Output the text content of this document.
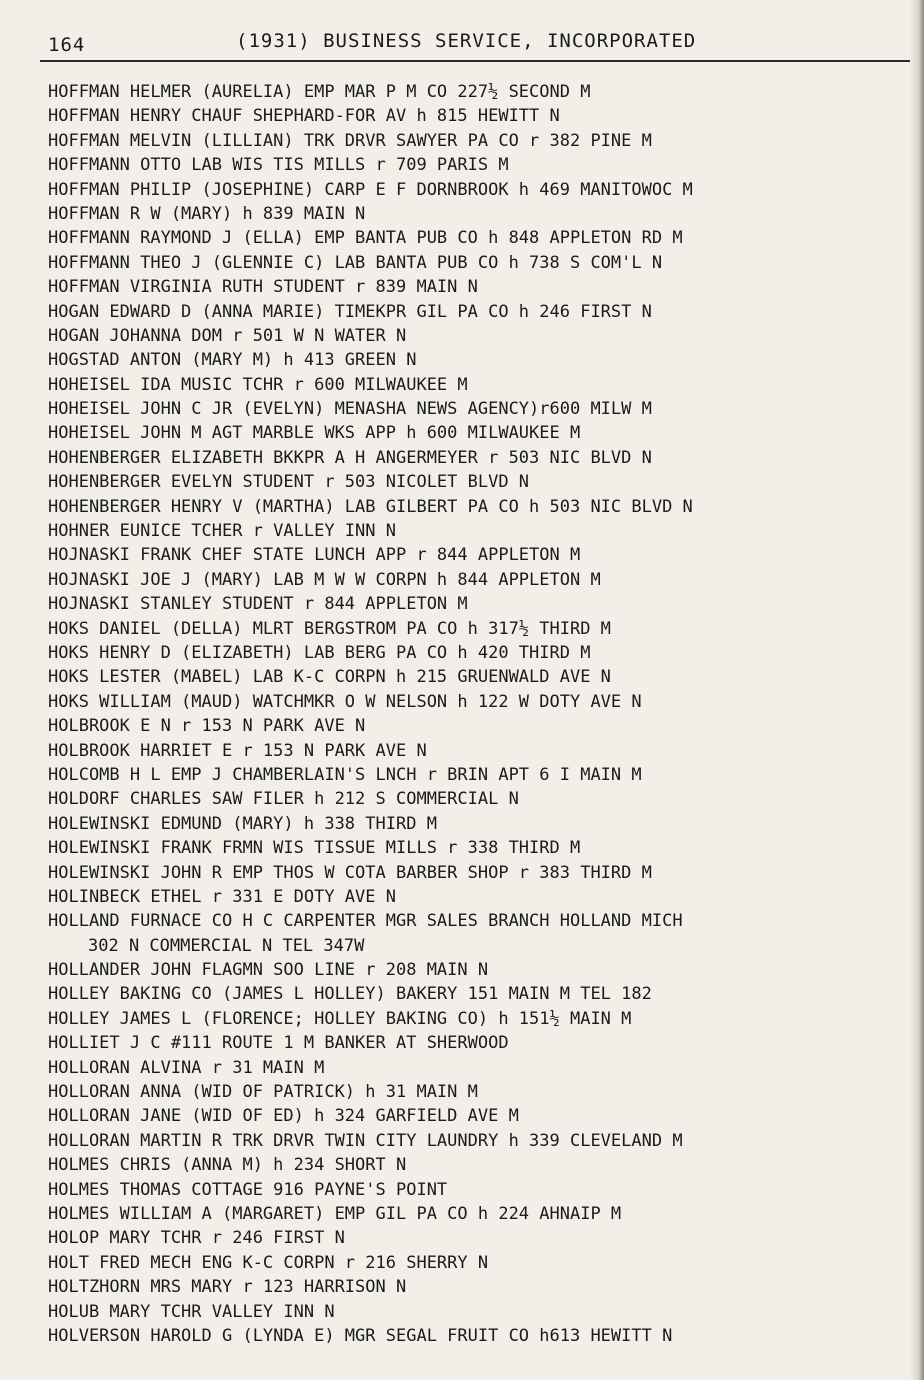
164	(1931) BUSINESS SERVICE, INCORPORATED
HOFFMAN HELMER (AURELIA) EMP MAR P M CO 227½ SECOND M
HOFFMAN HENRY CHAUF SHEPHARD-FOR AV h 815 HEWITT N
HOFFMAN MELVIN (LILLIAN) TRK DRVR SAWYER PA CO r 382 PINE M
HOFFMANN OTTO LAB WIS TIS MILLS r 709 PARIS M
HOFFMAN PHILIP (JOSEPHINE) CARP E F DORNBROOK h 469 MANITOWOC M
HOFFMAN R W (MARY) h 839 MAIN N
HOFFMANN RAYMOND J (ELLA) EMP BANTA PUB CO h 848 APPLETON RD M
HOFFMANN THEO J (GLENNIE C) LAB BANTA PUB CO h 738 S COM'L N
HOFFMAN VIRGINIA RUTH STUDENT r 839 MAIN N
HOGAN EDWARD D (ANNA MARIE) TIMEKPR GIL PA CO h 246 FIRST N
HOGAN JOHANNA DOM r 501 W N WATER N
HOGSTAD ANTON (MARY M) h 413 GREEN N
HOHEISEL IDA MUSIC TCHR r 600 MILWAUKEE M
HOHEISEL JOHN C JR (EVELYN) MENASHA NEWS AGENCY)r600 MILW M
HOHEISEL JOHN M AGT MARBLE WKS APP h 600 MILWAUKEE M
HOHENBERGER ELIZABETH BKKPR A H ANGERMEYER r 503 NIC BLVD N
HOHENBERGER EVELYN STUDENT r 503 NICOLET BLVD N
HOHENBERGER HENRY V (MARTHA) LAB GILBERT PA CO h 503 NIC BLVD N
HOHNER EUNICE TCHER r VALLEY INN N
HOJNASKI FRANK CHEF STATE LUNCH APP r 844 APPLETON M
HOJNASKI JOE J (MARY) LAB M W W CORPN h 844 APPLETON M
HOJNASKI STANLEY STUDENT r 844 APPLETON M
HOKS DANIEL (DELLA) MLRT BERGSTROM PA CO h 317½ THIRD M
HOKS HENRY D (ELIZABETH) LAB BERG PA CO h 420 THIRD M
HOKS LESTER (MABEL) LAB K-C CORPN h 215 GRUENWALD AVE N
HOKS WILLIAM (MAUD) WATCHMKR O W NELSON h 122 W DOTY AVE N
HOLBROOK E N r 153 N PARK AVE N
HOLBROOK HARRIET E r 153 N PARK AVE N
HOLCOMB H L EMP J CHAMBERLAIN'S LNCH r BRIN APT 6 I MAIN M
HOLDORF CHARLES SAW FILER h 212 S COMMERCIAL N
HOLEWINSKI EDMUND (MARY) h 338 THIRD M
HOLEWINSKI FRANK FRMN WIS TISSUE MILLS r 338 THIRD M
HOLEWINSKI JOHN R EMP THOS W COTA BARBER SHOP r 383 THIRD M
HOLINBECK ETHEL r 331 E DOTY AVE N
HOLLAND FURNACE CO H C CARPENTER MGR SALES BRANCH HOLLAND MICH
302 N COMMERCIAL N TEL 347W
HOLLANDER JOHN FLAGMN SOO LINE r 208 MAIN N
HOLLEY BAKING CO (JAMES L HOLLEY) BAKERY 151 MAIN M TEL 182
HOLLEY JAMES L (FLORENCE; HOLLEY BAKING CO) h 151½ MAIN M
HOLLIET J C #111 ROUTE 1 M BANKER AT SHERWOOD
HOLLORAN ALVINA r 31 MAIN M
HOLLORAN ANNA (WID OF PATRICK) h 31 MAIN M
HOLLORAN JANE (WID OF ED) h 324 GARFIELD AVE M
HOLLORAN MARTIN R TRK DRVR TWIN CITY LAUNDRY h 339 CLEVELAND M
HOLMES CHRIS (ANNA M) h 234 SHORT N
HOLMES THOMAS COTTAGE 916 PAYNE'S POINT
HOLMES WILLIAM A (MARGARET) EMP GIL PA CO h 224 AHNAIP M
HOLOP MARY TCHR r 246 FIRST N
HOLT FRED MECH ENG K-C CORPN r 216 SHERRY N
HOLTZHORN MRS MARY r 123 HARRISON N
HOLUB MARY TCHR VALLEY INN N
HOLVERSON HAROLD G (LYNDA E) MGR SEGAL FRUIT CO h613 HEWITT N
